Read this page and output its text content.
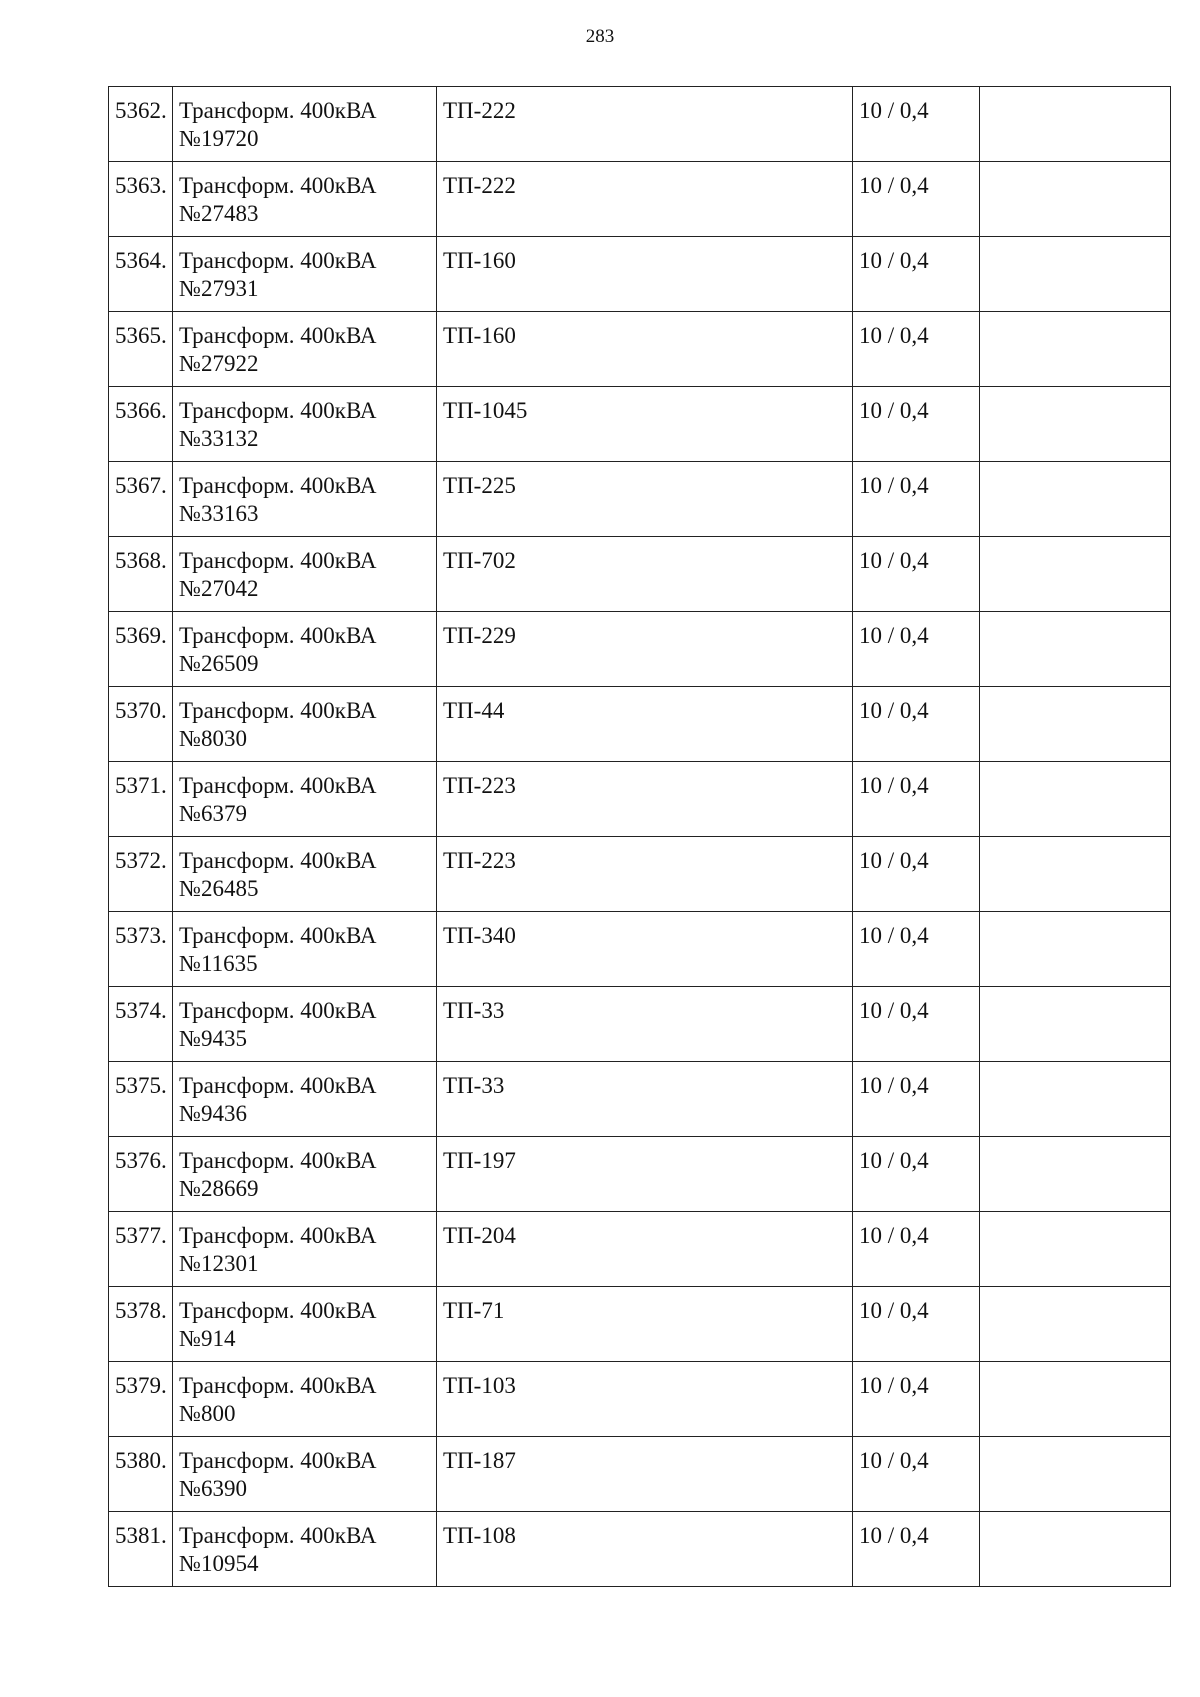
283
5362.	Трансформ. 400кВА
№19720	ТП-222	10 / 0,4	

5363.	Трансформ. 400кВА
№27483	ТП-222	10 / 0,4	

5364.	Трансформ. 400кВА
№27931	ТП-160	10 / 0,4	

5365.	Трансформ. 400кВА
№27922	ТП-160	10 / 0,4	

5366.	Трансформ. 400кВА
№33132	ТП-1045	10 / 0,4	

5367.	Трансформ. 400кВА
№33163	ТП-225	10 / 0,4	

5368.	Трансформ. 400кВА
№27042	ТП-702	10 / 0,4	

5369.	Трансформ. 400кВА
№26509	ТП-229	10 / 0,4	

5370.	Трансформ. 400кВА
№8030	ТП-44	10 / 0,4	

5371.	Трансформ. 400кВА
№6379	ТП-223	10 / 0,4	

5372.	Трансформ. 400кВА
№26485	ТП-223	10 / 0,4	

5373.	Трансформ. 400кВА
№11635	ТП-340	10 / 0,4	

5374.	Трансформ. 400кВА
№9435	ТП-33	10 / 0,4	

5375.	Трансформ. 400кВА
№9436	ТП-33	10 / 0,4	

5376.	Трансформ. 400кВА
№28669	ТП-197	10 / 0,4	

5377.	Трансформ. 400кВА
№12301	ТП-204	10 / 0,4	

5378.	Трансформ. 400кВА
№914	ТП-71	10 / 0,4	

5379.	Трансформ. 400кВА
№800	ТП-103	10 / 0,4	

5380.	Трансформ. 400кВА
№6390	ТП-187	10 / 0,4	

5381.	Трансформ. 400кВА
№10954	ТП-108	10 / 0,4	
